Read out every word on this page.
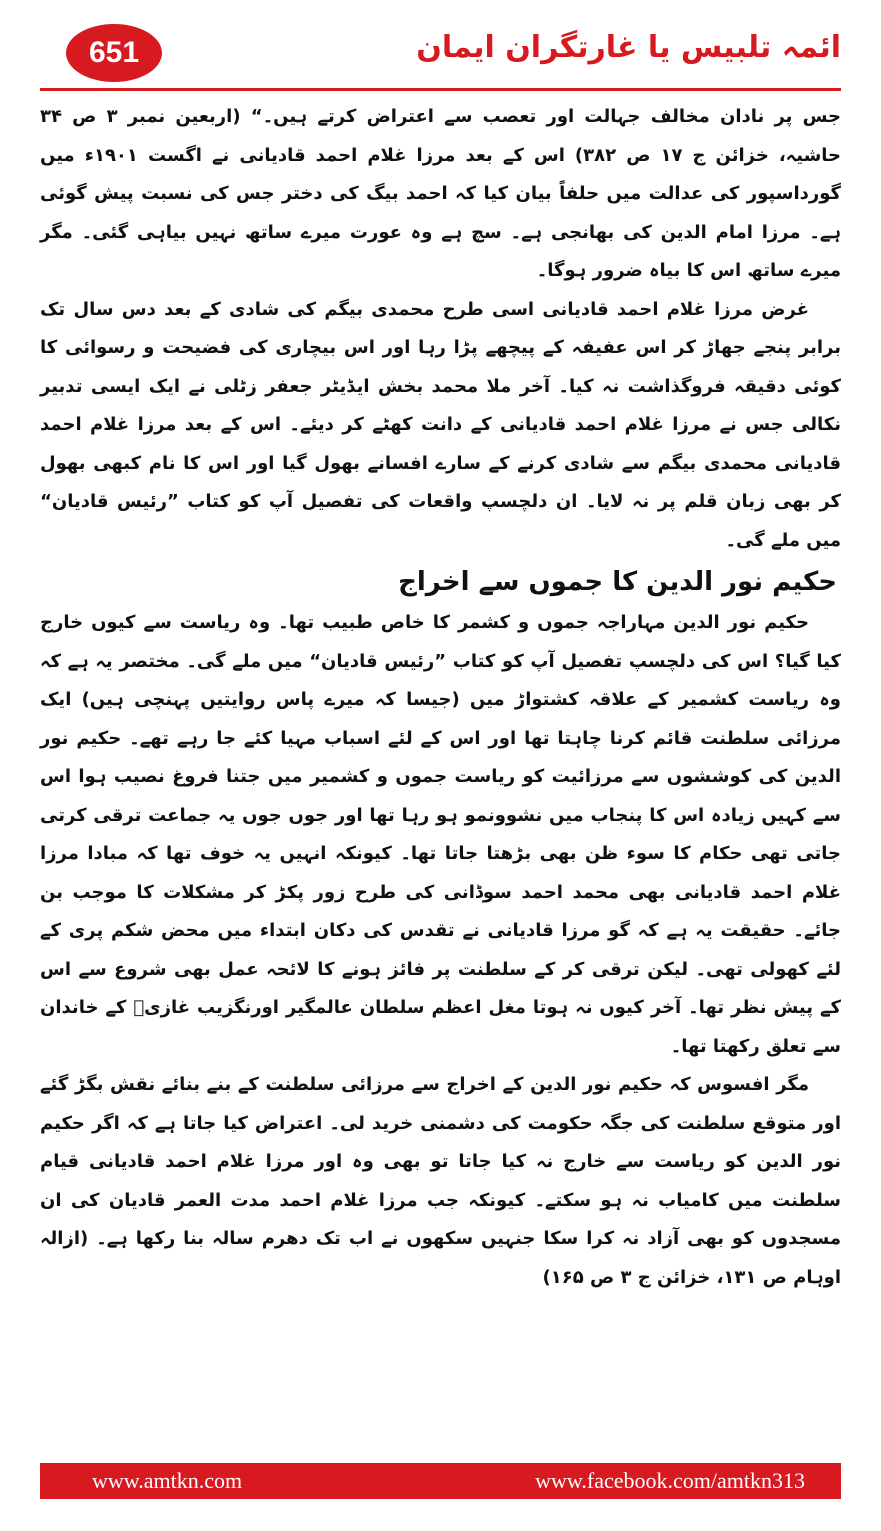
651	ائمہ تلبیس یا غارتگران ایمان

جس پر نادان مخالف جہالت اور تعصب سے اعتراض کرتے ہیں۔“ (اربعین نمبر ۳ ص ۳۴ حاشیہ، خزائن ج ۱۷ ص ۳۸۲) اس کے بعد مرزا غلام احمد قادیانی نے اگست ۱۹۰۱ء میں گورداسپور کی عدالت میں حلفاً بیان کیا کہ احمد بیگ کی دختر جس کی نسبت پیش گوئی ہے۔ مرزا امام الدین کی بھانجی ہے۔ سچ ہے وہ عورت میرے ساتھ نہیں بیاہی گئی۔ مگر میرے ساتھ اس کا بیاہ ضرور ہوگا۔

غرض مرزا غلام احمد قادیانی اسی طرح محمدی بیگم کی شادی کے بعد دس سال تک برابر پنجے جھاڑ کر اس عفیفہ کے پیچھے پڑا رہا اور اس بیچاری کی فضیحت و رسوائی کا کوئی دقیقہ فروگذاشت نہ کیا۔ آخر ملا محمد بخش ایڈیٹر جعفر زٹلی نے ایک ایسی تدبیر نکالی جس نے مرزا غلام احمد قادیانی کے دانت کھٹے کر دیئے۔ اس کے بعد مرزا غلام احمد قادیانی محمدی بیگم سے شادی کرنے کے سارے افسانے بھول گیا اور اس کا نام کبھی بھول کر بھی زبان قلم پر نہ لایا۔ ان دلچسپ واقعات کی تفصیل آپ کو کتاب ”رئیس قادیان“ میں ملے گی۔

حکیم نور الدین کا جموں سے اخراج

حکیم نور الدین مہاراجہ جموں و کشمر کا خاص طبیب تھا۔ وہ ریاست سے کیوں خارج کیا گیا؟ اس کی دلچسپ تفصیل آپ کو کتاب ”رئیس قادیان“ میں ملے گی۔ مختصر یہ ہے کہ وہ ریاست کشمیر کے علاقہ کشتواڑ میں (جیسا کہ میرے پاس روایتیں پہنچی ہیں) ایک مرزائی سلطنت قائم کرنا چاہتا تھا اور اس کے لئے اسباب مہیا کئے جا رہے تھے۔ حکیم نور الدین کی کوششوں سے مرزائیت کو ریاست جموں و کشمیر میں جتنا فروغ نصیب ہوا اس سے کہیں زیادہ اس کا پنجاب میں نشوونمو ہو رہا تھا اور جوں جوں یہ جماعت ترقی کرتی جاتی تھی حکام کا سوء ظن بھی بڑھتا جاتا تھا۔ کیونکہ انہیں یہ خوف تھا کہ مبادا مرزا غلام احمد قادیانی بھی محمد احمد سوڈانی کی طرح زور پکڑ کر مشکلات کا موجب بن جائے۔ حقیقت یہ ہے کہ گو مرزا قادیانی نے تقدس کی دکان ابتداء میں محض شکم پری کے لئے کھولی تھی۔ لیکن ترقی کر کے سلطنت پر فائز ہونے کا لائحہ عمل بھی شروع سے اس کے پیش نظر تھا۔ آخر کیوں نہ ہوتا مغل اعظم سلطان عالمگیر اورنگزیب غازیؒ کے خاندان سے تعلق رکھتا تھا۔

مگر افسوس کہ حکیم نور الدین کے اخراج سے مرزائی سلطنت کے بنے بنائے نقش بگڑ گئے اور متوقع سلطنت کی جگہ حکومت کی دشمنی خرید لی۔ اعتراض کیا جاتا ہے کہ اگر حکیم نور الدین کو ریاست سے خارج نہ کیا جاتا تو بھی وہ اور مرزا غلام احمد قادیانی قیام سلطنت میں کامیاب نہ ہو سکتے۔ کیونکہ جب مرزا غلام احمد مدت العمر قادیان کی ان مسجدوں کو بھی آزاد نہ کرا سکا جنہیں سکھوں نے اب تک دھرم سالہ بنا رکھا ہے۔ (ازالہ اوہام ص ۱۳۱، خزائن ج ۳ ص ۱۶۵)

www.amtkn.com	www.facebook.com/amtkn313
